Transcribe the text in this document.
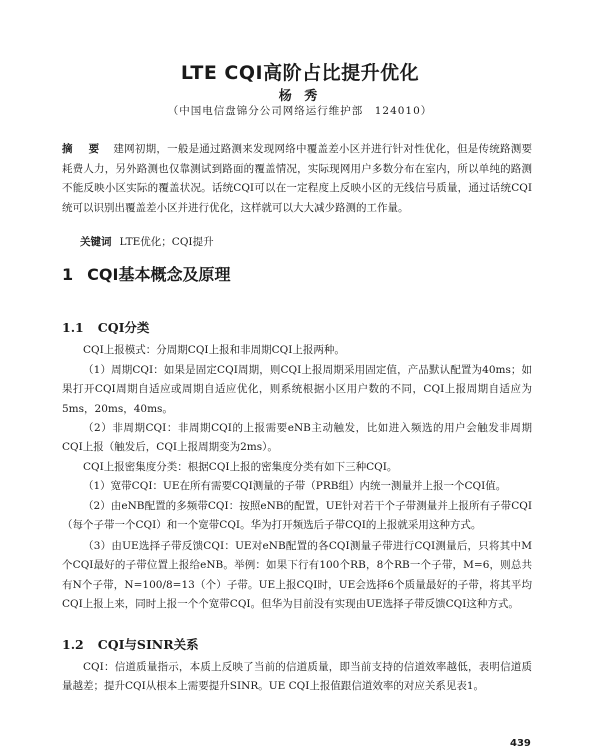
LTE CQI高阶占比提升优化
杨 秀
（中国电信盘锦分公司网络运行维护部　124010）
摘 要 建网初期，一般是通过路测来发现网络中覆盖差小区并进行针对性优化，但是传统路测要耗费人力，另外路测也仅靠测试到路面的覆盖情况，实际现网用户多数分布在室内，所以单纯的路测不能反映小区实际的覆盖状况。话统CQI可以在一定程度上反映小区的无线信号质量，通过话统CQI统可以识别出覆盖差小区并进行优化，这样就可以大大减少路测的工作量。
关键词 LTE优化；CQI提升
1 CQI基本概念及原理
1.1 CQI分类

CQI上报模式：分周期CQI上报和非周期CQI上报两种。

（1）周期CQI：如果是固定CQI周期，则CQI上报周期采用固定值，产品默认配置为40ms；如果打开CQI周期自适应或周期自适应优化，则系统根据小区用户数的不同，CQI上报周期自适应为5ms，20ms，40ms。

（2）非周期CQI：非周期CQI的上报需要eNB主动触发，比如进入频选的用户会触发非周期CQI上报（触发后，CQI上报周期变为2ms）。

CQI上报密集度分类：根据CQI上报的密集度分类有如下三种CQI。

（1）宽带CQI：UE在所有需要CQI测量的子带（PRB组）内统一测量并上报一个CQI值。

（2）由eNB配置的多频带CQI：按照eNB的配置，UE针对若干个子带测量并上报所有子带CQI（每个子带一个CQI）和一个宽带CQI。华为打开频选后子带CQI的上报就采用这种方式。

（3）由UE选择子带反馈CQI：UE对eNB配置的各CQI测量子带进行CQI测量后，只将其中M个CQI最好的子带位置上报给eNB。举例：如果下行有100个RB，8个RB一个子带，M=6，则总共有N个子带，N=100/8=13（个）子带。UE上报CQI时，UE会选择6个质量最好的子带，将其平均CQI上报上来，同时上报一个个宽带CQI。但华为目前没有实现由UE选择子带反馈CQI这种方式。

1.2 CQI与SINR关系

CQI：信道质量指示，本质上反映了当前的信道质量，即当前支持的信道效率越低，表明信道质量越差；提升CQI从根本上需要提升SINR。UE CQI上报值跟信道效率的对应关系见表1。

439
